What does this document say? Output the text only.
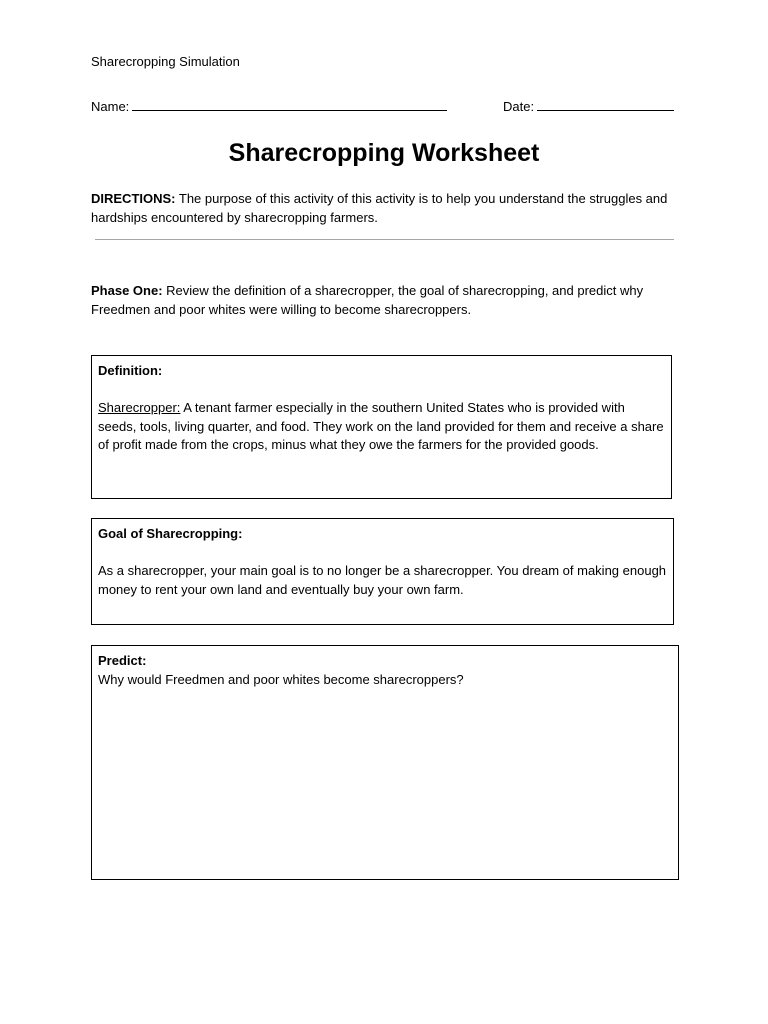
Sharecropping Simulation
Name:	Date:
Sharecropping Worksheet
DIRECTIONS: The purpose of this activity of this activity is to help you understand the struggles and hardships encountered by sharecropping farmers.
Phase One: Review the definition of a sharecropper, the goal of sharecropping, and predict why Freedmen and poor whites were willing to become sharecroppers.
Definition:
Sharecropper: A tenant farmer especially in the southern United States who is provided with seeds, tools, living quarter, and food. They work on the land provided for them and receive a share of profit made from the crops, minus what they owe the farmers for the provided goods.
Goal of Sharecropping:
As a sharecropper, your main goal is to no longer be a sharecropper. You dream of making enough money to rent your own land and eventually buy your own farm.
Predict:
Why would Freedmen and poor whites become sharecroppers?
